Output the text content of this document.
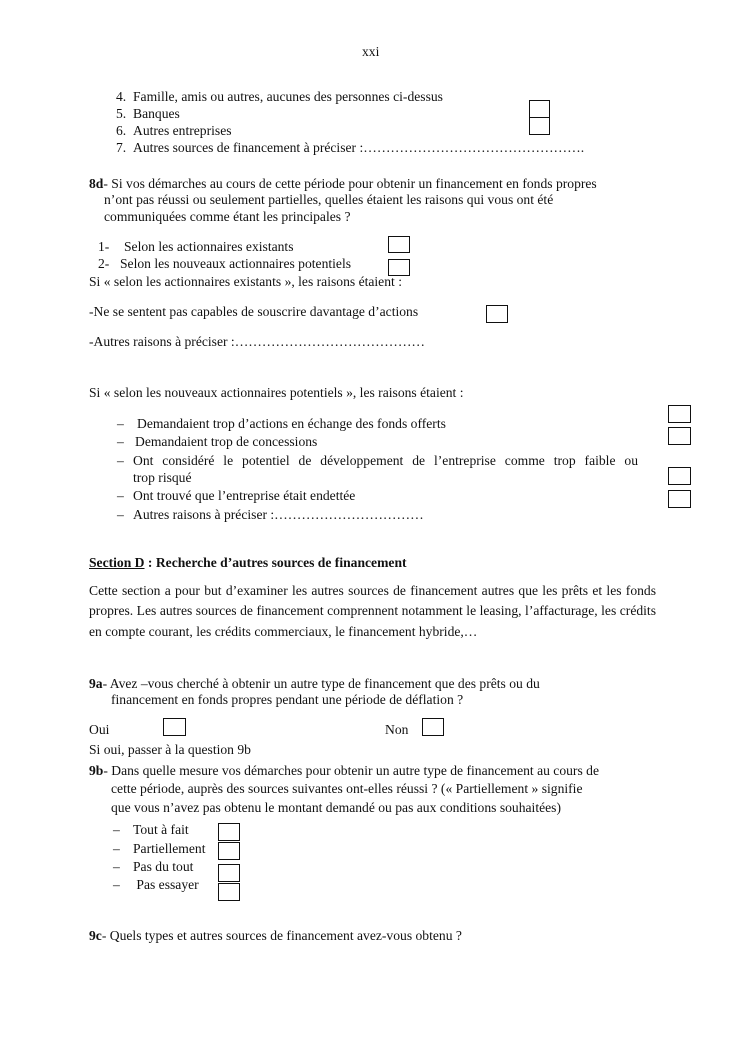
xxi
4. Famille, amis ou autres, aucunes des personnes ci-dessus
5. Banques
6. Autres entreprises
7. Autres sources de financement à préciser :………………………………………….
8d- Si vos démarches au cours de cette période pour obtenir un financement en fonds propres
n’ont pas réussi ou seulement partielles, quelles étaient les raisons qui vous ont été
communiquées comme étant les principales ?
1- Selon les actionnaires existants
2- Selon les nouveaux actionnaires potentiels
Si « selon les actionnaires existants », les raisons étaient :
-Ne se sentent pas capables de souscrire davantage d’actions
-Autres raisons à préciser :……………………………………
Si « selon les nouveaux actionnaires potentiels », les raisons étaient :
– Demandaient trop d’actions en échange des fonds offerts
– Demandaient trop de concessions
– Ont considéré le potentiel de développement de l’entreprise comme trop faible ou
trop risqué
– Ont trouvé que l’entreprise était endettée
– Autres raisons à préciser :……………………………
Section D : Recherche d’autres sources de financement
Cette section a pour but d’examiner les autres sources de financement autres que les prêts et les fonds propres. Les autres sources de financement comprennent notamment le leasing, l’affacturage, les crédits en compte courant, les crédits commerciaux, le financement hybride,…
9a- Avez –vous cherché à obtenir un autre type de financement que des prêts ou du
financement en fonds propres pendant une période de déflation ?
Oui	Non
Si oui, passer à la question 9b
9b- Dans quelle mesure vos démarches pour obtenir un autre type de financement au cours de
cette période, auprès des sources suivantes ont-elles réussi ? (« Partiellement » signifie
que vous n’avez pas obtenu le montant demandé ou pas aux conditions souhaitées)
– Tout à fait
– Partiellement
– Pas du tout
– Pas essayer
9c- Quels types et autres sources de financement avez-vous obtenu ?
